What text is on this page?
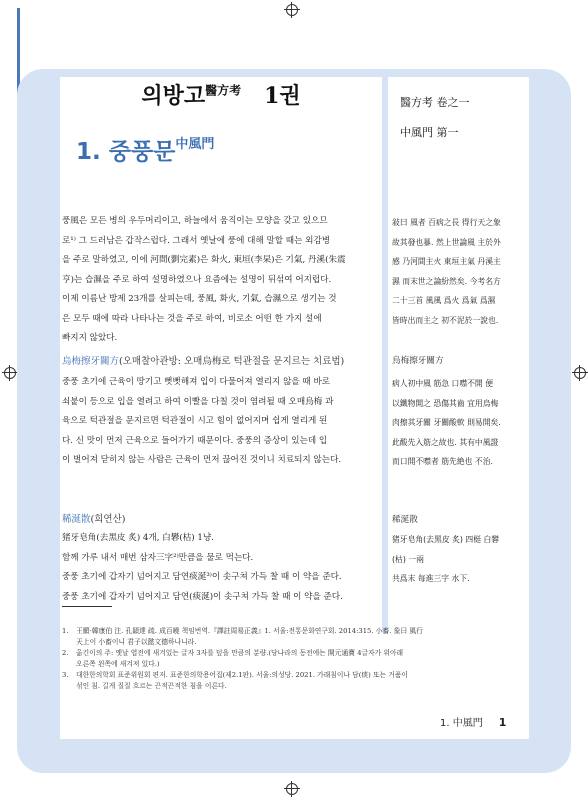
의방고$^{醫方考}$ 1권
1. 중풍문$^{中風門}$
풍風은 모든 병의 우두머리이고, 하늘에서 움직이는 모양을 갖고 있으므
로¹⁾ 그 드러남은 갑작스럽다. 그래서 옛날에 풍에 대해 말할 때는 외감병
을 주로 말하였고, 이에 河間(劉完素)은 화火, 東垣(李杲)은 기氣, 丹溪(朱震
亨)는 습濕을 주로 하여 설명하였으나 요즘에는 설명이 뒤섞여 어지럽다.
이제 이름난 방제 23개를 살피는데, 풍風, 화火, 기氣, 습濕으로 생기는 것
은 모두 때에 따라 나타나는 것을 주로 하여, 비로소 어떤 한 가지 설에
빠지지 않았다.
烏梅擦牙關方(오매찰아관방: 오매烏梅로 턱관절을 문지르는 치료법)
중풍 초기에 근육이 땅기고 뻣뻣해져 입이 다물어져 열리지 않을 때 바로
쇠붙이 등으로 입을 열려고 하여 이빨을 다칠 것이 염려될 때 오매烏梅 과
육으로 턱관절을 문지르면 턱관절이 시고 힘이 없어지며 쉽게 열리게 된
다. 신 맛이 먼저 근육으로 들어가기 때문이다. 중풍의 증상이 있는데 입
이 벌어져 닫히지 않는 사람은 근육이 먼저 끊어진 것이니 치료되지 않는다.
稀涎散(희연산)
猪牙皂角(去黑皮 炙) 4개, 白礬(枯) 1냥.
함께 가루 내서 매번 삼자三字²⁾만큼을 물로 먹는다.
중풍 초기에 갑자기 넘어지고 담연痰涎³⁾이 솟구쳐 가득 찰 때 이 약을 준다.
중풍 초기에 갑자기 넘어지고 담연(痰涎)이 솟구쳐 가득 찰 때 이 약을 준다.
醫方考 卷之一
中風門 第一
敍曰 風者 百病之長 得行天之象
故其發也暴. 然上世論風 主於外
感 乃河間主火 東垣主氣 丹溪主
濕 而末世之論紛然矣. 今考名方
二十三首 風風 爲火 爲氣 爲濕
皆時出而主之 初不泥於一說也.
烏梅擦牙關方
病人初中風 筋急 口噤不開 便
以鐵物開之 恐傷其齒 宜用烏梅
肉擦其牙關 牙關酸軟 則易開矣.
此酸先入筋之故也. 其有中風證
而口開不噤者 筋先絶也 不治.
稀涎散
猪牙皂角(去黑皮 炙) 四梃 白礬
(枯) 一兩
共爲末 每進三字 水下.
1. 王願·韓康伯 注. 孔穎達 疏. 成百曉 책임번역.『譯註周易正義』1. 서울:전통문화연구회. 2014:315. 小畜. 象曰 風行
天上이 小畜이니 君子以懿文德하나니라.
2. 옮긴이의 주: 옛날 엽전에 새겨있는 글자 3자를 덮을 만큼의 분량.(당나라의 동전에는 開元通寶 4글자가 위아래
오른쪽 왼쪽에 새겨져 있다.)
3. 대한한의학회 표준위원회 편저. 표준한의학용어집(제2.1판). 서울:의성당. 2021. 가래침이나 담(痰) 또는 거품이
섞인 침. 길게 질질 흐르는 끈적끈적한 침을 이른다.
1. 中風門 1
